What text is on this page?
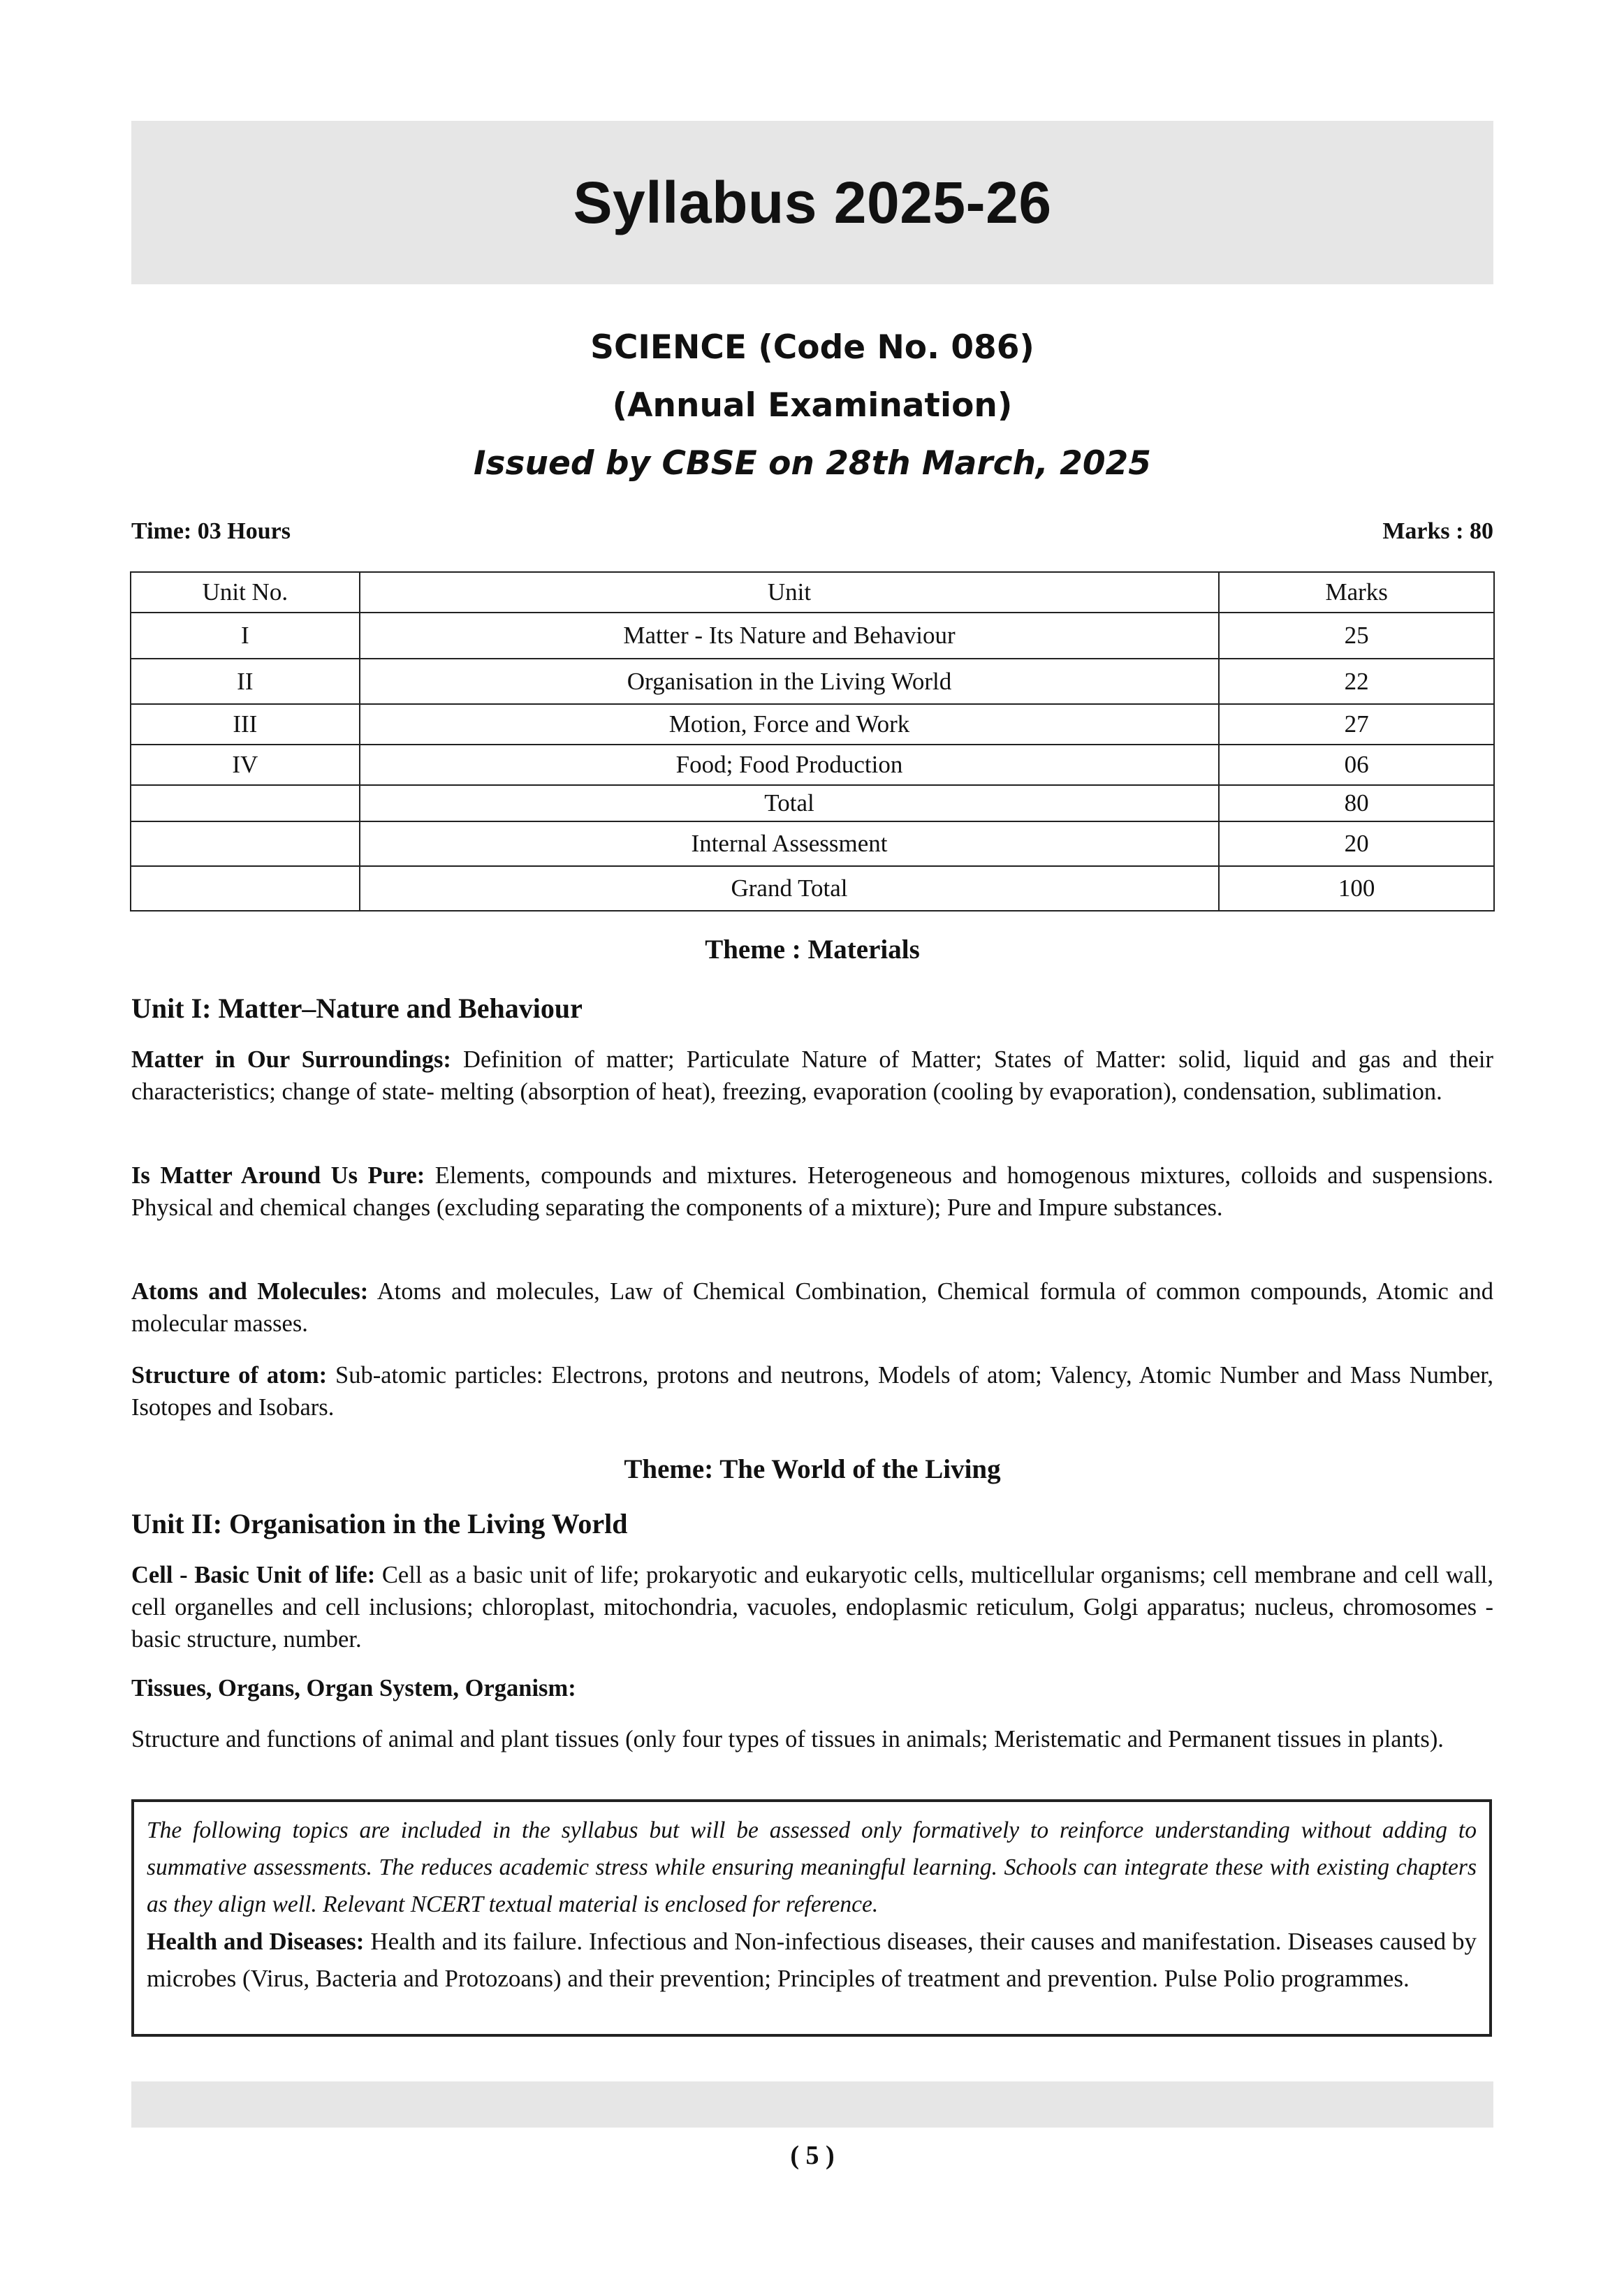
Syllabus 2025-26
SCIENCE (Code No. 086)
(Annual Examination)
Issued by CBSE on 28th March, 2025
Time: 03 Hours	Marks : 80
Unit No.	Unit	Marks
I	Matter - Its Nature and Behaviour	25
II	Organisation in the Living World	22
III	Motion, Force and Work	27
IV	Food; Food Production	06
	Total	80
	Internal Assessment	20
	Grand Total	100
Theme : Materials
Unit I: Matter–Nature and Behaviour

Matter in Our Surroundings: Definition of matter; Particulate Nature of Matter; States of Matter: solid, liquid and gas and their characteristics; change of state- melting (absorption of heat), freezing, evaporation (cooling by evaporation), condensation, sublimation.

Is Matter Around Us Pure: Elements, compounds and mixtures. Heterogeneous and homogenous mixtures, colloids and suspensions. Physical and chemical changes (excluding separating the components of a mixture); Pure and Impure substances.

Atoms and Molecules: Atoms and molecules, Law of Chemical Combination, Chemical formula of common compounds, Atomic and molecular masses.

Structure of atom: Sub-atomic particles: Electrons, protons and neutrons, Models of atom; Valency, Atomic Number and Mass Number, Isotopes and Isobars.

Theme: The World of the Living
Unit II: Organisation in the Living World

Cell - Basic Unit of life: Cell as a basic unit of life; prokaryotic and eukaryotic cells, multicellular organisms; cell membrane and cell wall, cell organelles and cell inclusions; chloroplast, mitochondria, vacuoles, endoplasmic reticulum, Golgi apparatus; nucleus, chromosomes - basic structure, number.

Tissues, Organs, Organ System, Organism:

Structure and functions of animal and plant tissues (only four types of tissues in animals; Meristematic and Permanent tissues in plants).

The following topics are included in the syllabus but will be assessed only formatively to reinforce understanding without adding to summative assessments. The reduces academic stress while ensuring meaningful learning. Schools can integrate these with existing chapters as they align well. Relevant NCERT textual material is enclosed for reference.

Health and Diseases: Health and its failure. Infectious and Non-infectious diseases, their causes and manifestation. Diseases caused by microbes (Virus, Bacteria and Protozoans) and their prevention; Principles of treatment and prevention. Pulse Polio programmes.

( 5 )
